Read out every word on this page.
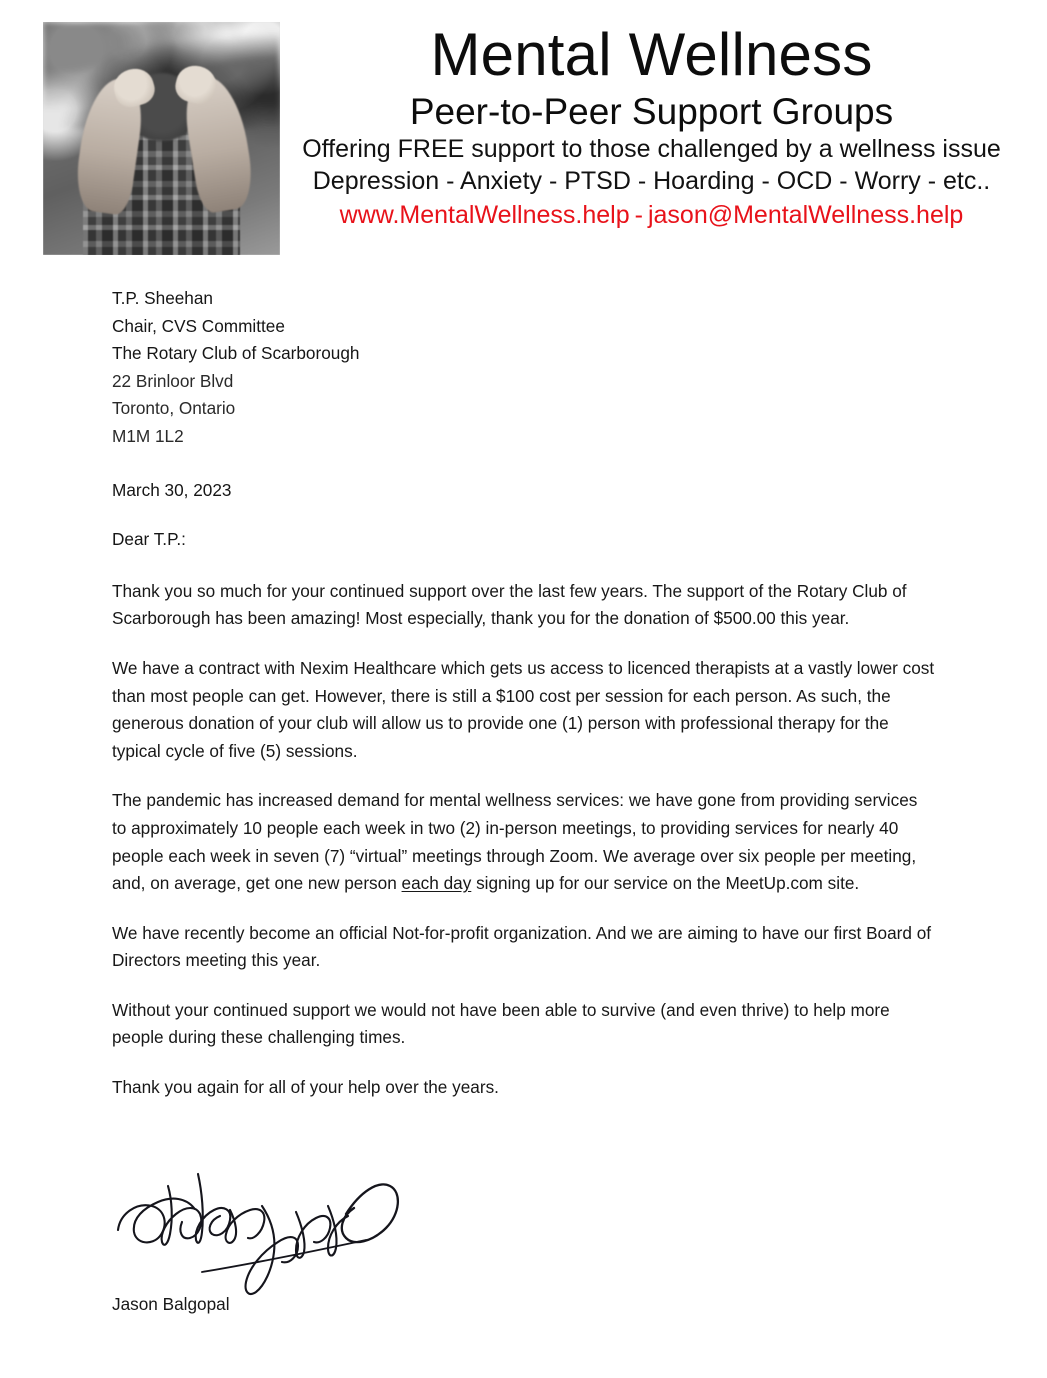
Mental Wellness
Peer-to-Peer Support Groups
Offering FREE support to those challenged by a wellness issue
Depression - Anxiety - PTSD - Hoarding - OCD - Worry - etc..
www.MentalWellness.help - jason@MentalWellness.help
T.P. Sheehan
Chair, CVS Committee
The Rotary Club of Scarborough
22 Brinloor Blvd
Toronto, Ontario
M1M 1L2
March 30, 2023
Dear T.P.:

Thank you so much for your continued support over the last few years. The support of the Rotary Club of Scarborough has been amazing! Most especially, thank you for the donation of $500.00 this year.

We have a contract with Nexim Healthcare which gets us access to licenced therapists at a vastly lower cost than most people can get. However, there is still a $100 cost per session for each person. As such, the generous donation of your club will allow us to provide one (1) person with professional therapy for the typical cycle of five (5) sessions.

The pandemic has increased demand for mental wellness services: we have gone from providing services to approximately 10 people each week in two (2) in-person meetings, to providing services for nearly 40 people each week in seven (7) “virtual” meetings through Zoom. We average over six people per meeting, and, on average, get one new person each day signing up for our service on the MeetUp.com site.

We have recently become an official Not-for-profit organization. And we are aiming to have our first Board of Directors meeting this year.

Without your continued support we would not have been able to survive (and even thrive) to help more people during these challenging times.

Thank you again for all of your help over the years.

Jason Balgopal
